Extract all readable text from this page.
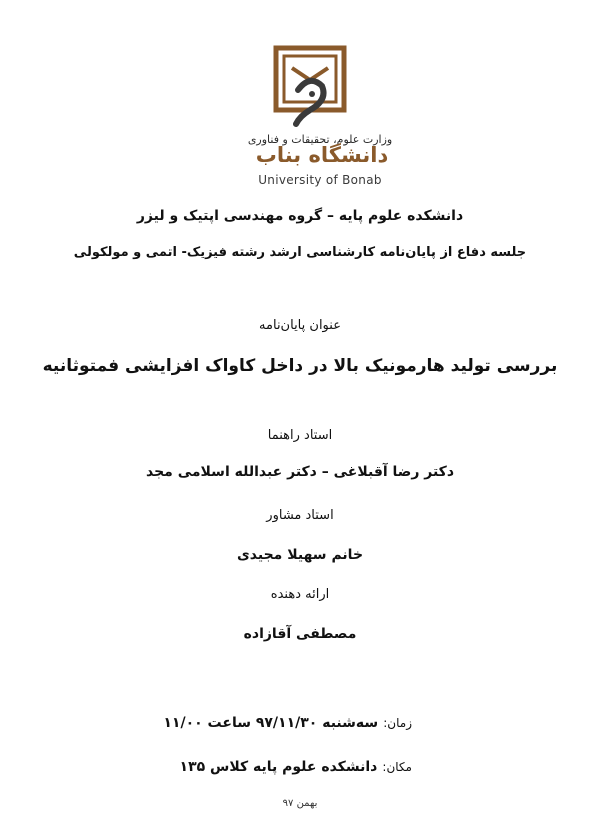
وزارت علوم، تحقیقات و فناوری
دانشگاه بناب
University of Bonab
دانشکده علوم پایه – گروه مهندسی اپتیک و لیزر
جلسه دفاع از پایان‌نامه کارشناسی ارشد رشته فیزیک- اتمی و مولکولی
عنوان پایان‌نامه
بررسی تولید هارمونیک بالا در داخل کاواک افزایشی فمتوثانیه
استاد راهنما
دکتر رضا آقبلاغی – دکتر عبدالله اسلامی مجد
استاد مشاور
خانم سهیلا مجیدی
ارائه دهنده
مصطفی آقازاده
زمان: سه‌شنبه ۹۷/۱۱/۳۰ ساعت ۱۱/۰۰
مکان: دانشکده علوم پایه کلاس ۱۳۵
بهمن ۹۷
